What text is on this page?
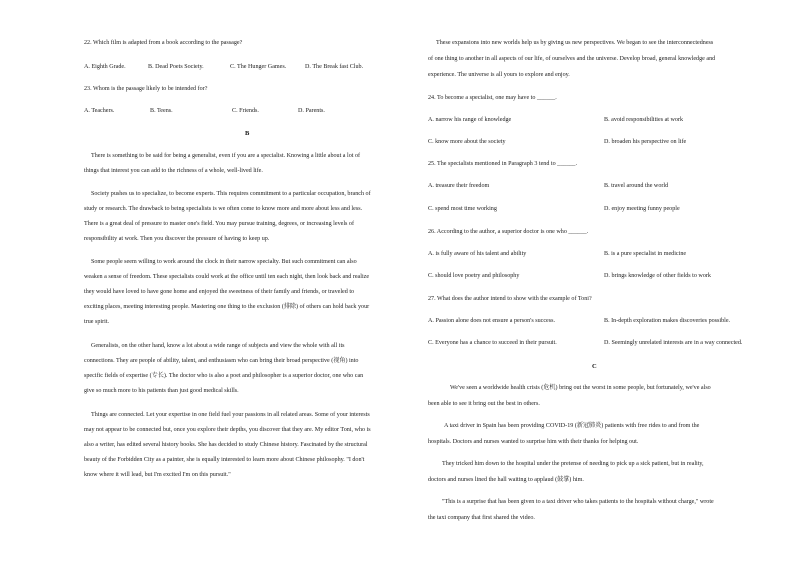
22. Which film is adapted from a book according to the passage?
A. Eighth Grade.	B. Dead Poets Society.	C. The Hunger Games.	D. The Break fast Club.
23. Whom is the passage likely to be intended for?
A. Teachers.	B. Teens.	C. Friends.	D. Parents.
B
There is something to be said for being a generalist, even if you are a specialist. Knowing a little about a lot of
things that interest you can add to the richness of a whole, well-lived life.
Society pushes us to specialize, to become experts. This requires commitment to a particular occupation, branch of
study or research. The drawback to being specialists is we often come to know more and more about less and less.
There is a great deal of pressure to master one's field. You may pursue training, degrees, or increasing levels of
responsibility at work. Then you discover the pressure of having to keep up.
Some people seem willing to work around the clock in their narrow specialty. But such commitment can also
weaken a sense of freedom. These specialists could work at the office until ten each night, then look back and realize
they would have loved to have gone home and enjoyed the sweetness of their family and friends, or traveled to
exciting places, meeting interesting people. Mastering one thing to the exclusion (排除) of others can hold back your
true spirit.
Generalists, on the other hand, know a lot about a wide range of subjects and view the whole with all its
connections. They are people of ability, talent, and enthusiasm who can bring their broad perspective (视角) into
specific fields of expertise (专长). The doctor who is also a poet and philosopher is a superior doctor, one who can
give so much more to his patients than just good medical skills.
Things are connected. Let your expertise in one field fuel your passions in all related areas. Some of your interests
may not appear to be connected but, once you explore their depths, you discover that they are. My editor Toni, who is
also a writer, has edited several history books. She has decided to study Chinese history. Fascinated by the structural
beauty of the Forbidden City as a painter, she is equally interested to learn more about Chinese philosophy. "I don't
know where it will lead, but I'm excited I'm on this pursuit."
These expansions into new worlds help us by giving us new perspectives. We began to see the interconnectedness
of one thing to another in all aspects of our life, of ourselves and the universe. Develop broad, general knowledge and
experience. The universe is all yours to explore and enjoy.
24. To become a specialist, one may have to ______.
A. narrow his range of knowledge	B. avoid responsibilities at work
C. know more about the society	D. broaden his perspective on life
25. The specialists mentioned in Paragraph 3 tend to ______.
A. treasure their freedom	B. travel around the world
C. spend most time working	D. enjoy meeting funny people
26. According to the author, a superior doctor is one who ______.
A. is fully aware of his talent and ability	B. is a pure specialist in medicine
C. should love poetry and philosophy	D. brings knowledge of other fields to work
27. What does the author intend to show with the example of Toni?
A. Passion alone does not ensure a person's success.	B. In-depth exploration makes discoveries possible.
C. Everyone has a chance to succeed in their pursuit.	D. Seemingly unrelated interests are in a way connected.
C
We've seen a worldwide health crisis (危机) bring out the worst in some people, but fortunately, we've also
been able to see it bring out the best in others.
A taxi driver in Spain has been providing COVID-19 (新冠肺炎) patients with free rides to and from the
hospitals. Doctors and nurses wanted to surprise him with their thanks for helping out.
They tricked him down to the hospital under the pretense of needing to pick up a sick patient, but in reality,
doctors and nurses lined the hall waiting to applaud (鼓掌) him.
"This is a surprise that has been given to a taxi driver who takes patients to the hospitals without charge," wrote
the taxi company that first shared the video.
